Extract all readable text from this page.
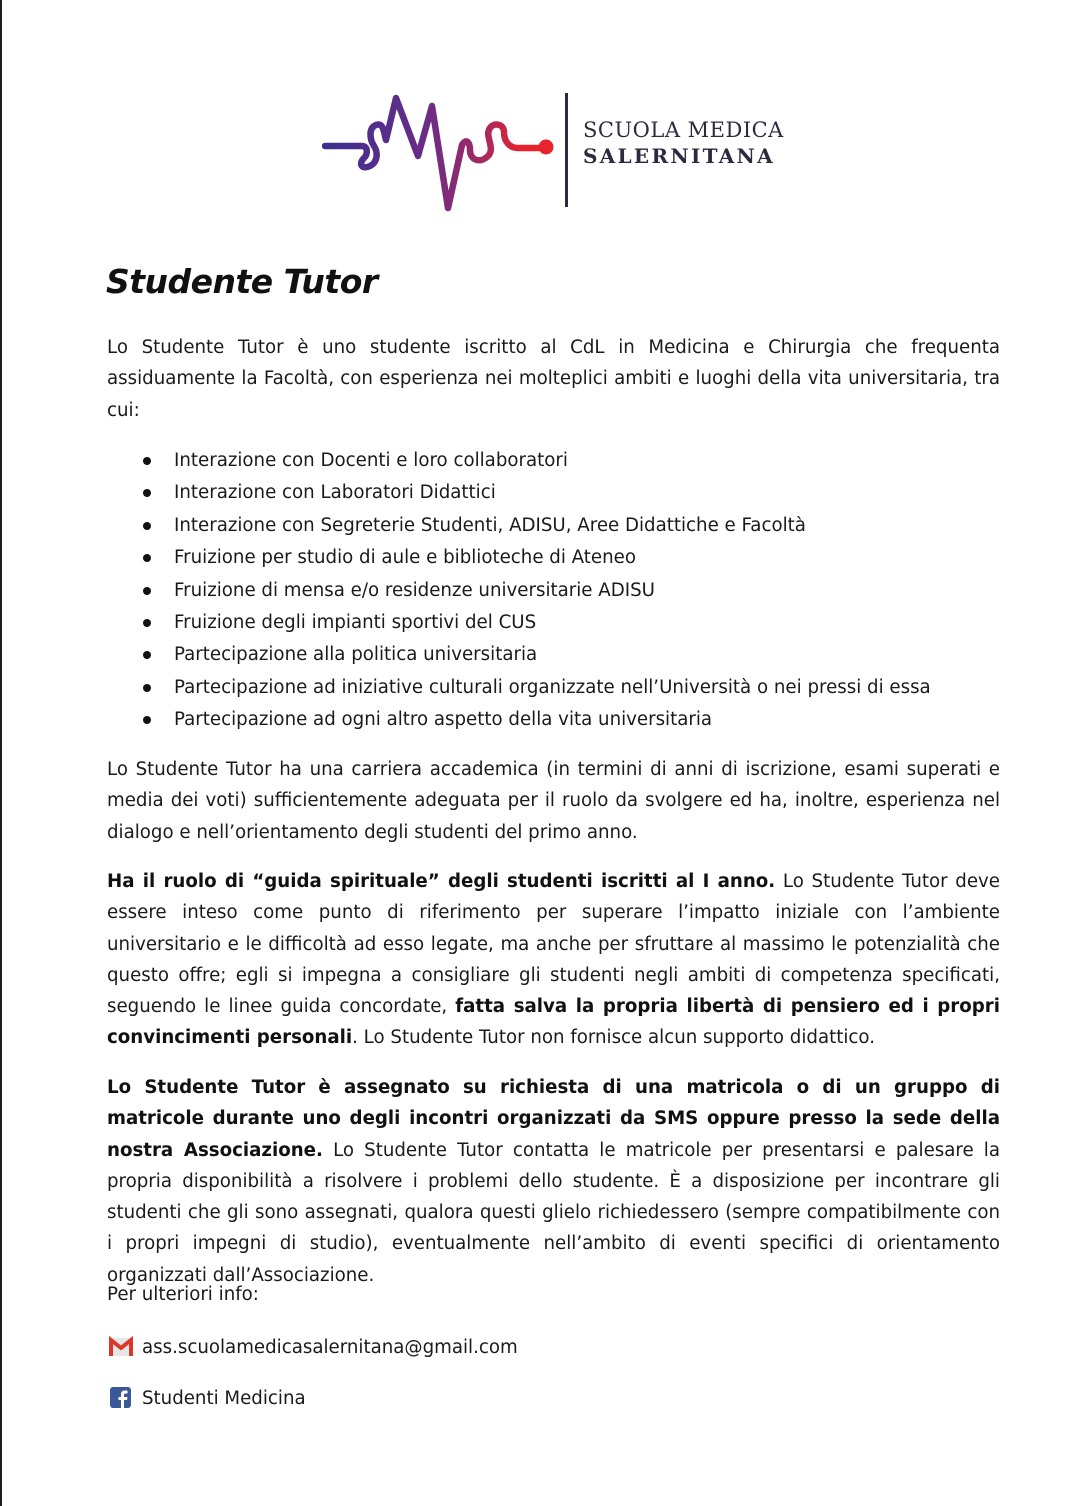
SCUOLA MEDICA
SALERNITANA
Studente Tutor

Lo Studente Tutor è uno studente iscritto al CdL in Medicina e Chirurgia che frequenta assiduamente la Facoltà, con esperienza nei molteplici ambiti e luoghi della vita universitaria, tra cui:

Interazione con Docenti e loro collaboratori
Interazione con Laboratori Didattici
Interazione con Segreterie Studenti, ADISU, Aree Didattiche e Facoltà
Fruizione per studio di aule e biblioteche di Ateneo
Fruizione di mensa e/o residenze universitarie ADISU
Fruizione degli impianti sportivi del CUS
Partecipazione alla politica universitaria
Partecipazione ad iniziative culturali organizzate nell’Università o nei pressi di essa
Partecipazione ad ogni altro aspetto della vita universitaria

Lo Studente Tutor ha una carriera accademica (in termini di anni di iscrizione, esami superati e media dei voti) sufficientemente adeguata per il ruolo da svolgere ed ha, inoltre, esperienza nel dialogo e nell’orientamento degli studenti del primo anno.

Ha il ruolo di “guida spirituale” degli studenti iscritti al I anno. Lo Studente Tutor deve essere inteso come punto di riferimento per superare l’impatto iniziale con l’ambiente universitario e le difficoltà ad esso legate, ma anche per sfruttare al massimo le potenzialità che questo offre; egli si impegna a consigliare gli studenti negli ambiti di competenza specificati, seguendo le linee guida concordate, fatta salva la propria libertà di pensiero ed i propri convincimenti personali. Lo Studente Tutor non fornisce alcun supporto didattico.

Lo Studente Tutor è assegnato su richiesta di una matricola o di un gruppo di matricole durante uno degli incontri organizzati da SMS oppure presso la sede della nostra Associazione. Lo Studente Tutor contatta le matricole per presentarsi e palesare la propria disponibilità a risolvere i problemi dello studente. È a disposizione per incontrare gli studenti che gli sono assegnati, qualora questi glielo richiedessero (sempre compatibilmente con i propri impegni di studio), eventualmente nell’ambito di eventi specifici di orientamento organizzati dall’Associazione.

Per ulteriori info:
ass.scuolamedicasalernitana@gmail.com
Studenti Medicina
